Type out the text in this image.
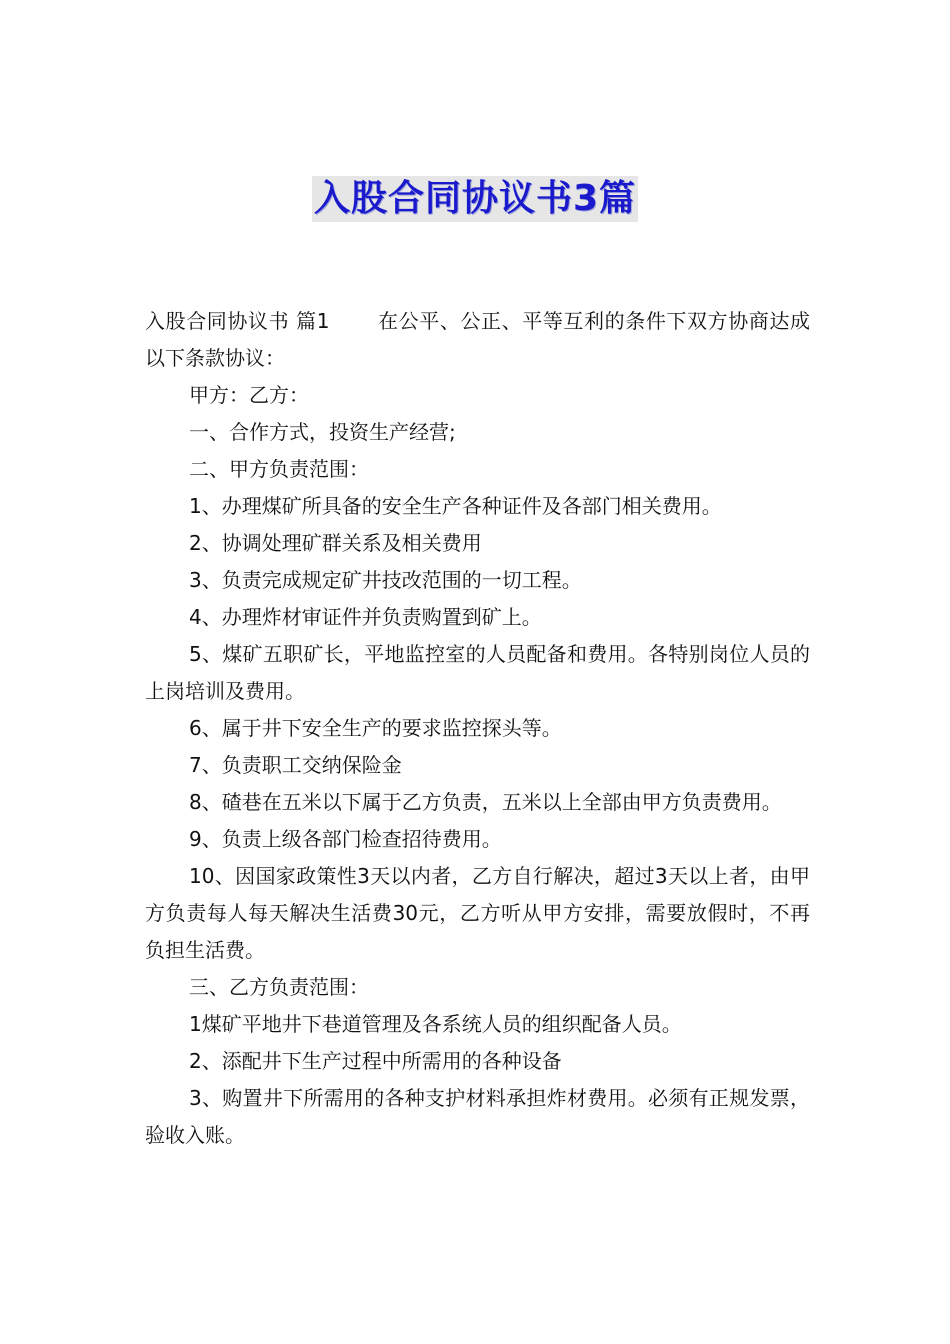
入股合同协议书3篇

入股合同协议书 篇1 在公平、公正、平等互利的条件下双方协商达成以下条款协议：

甲方：乙方：

一、合作方式，投资生产经营;

二、甲方负责范围：

1、办理煤矿所具备的安全生产各种证件及各部门相关费用。

2、协调处理矿群关系及相关费用

3、负责完成规定矿井技改范围的一切工程。

4、办理炸材审证件并负责购置到矿上。

5、煤矿五职矿长，平地监控室的人员配备和费用。各特别岗位人员的上岗培训及费用。

6、属于井下安全生产的要求监控探头等。

7、负责职工交纳保险金

8、碴巷在五米以下属于乙方负责，五米以上全部由甲方负责费用。

9、负责上级各部门检查招待费用。

10、因国家政策性3天以内者，乙方自行解决，超过3天以上者，由甲方负责每人每天解决生活费30元，乙方听从甲方安排，需要放假时，不再负担生活费。

三、乙方负责范围：

1煤矿平地井下巷道管理及各系统人员的组织配备人员。

2、添配井下生产过程中所需用的各种设备

3、购置井下所需用的各种支护材料承担炸材费用。必须有正规发票，验收入账。
